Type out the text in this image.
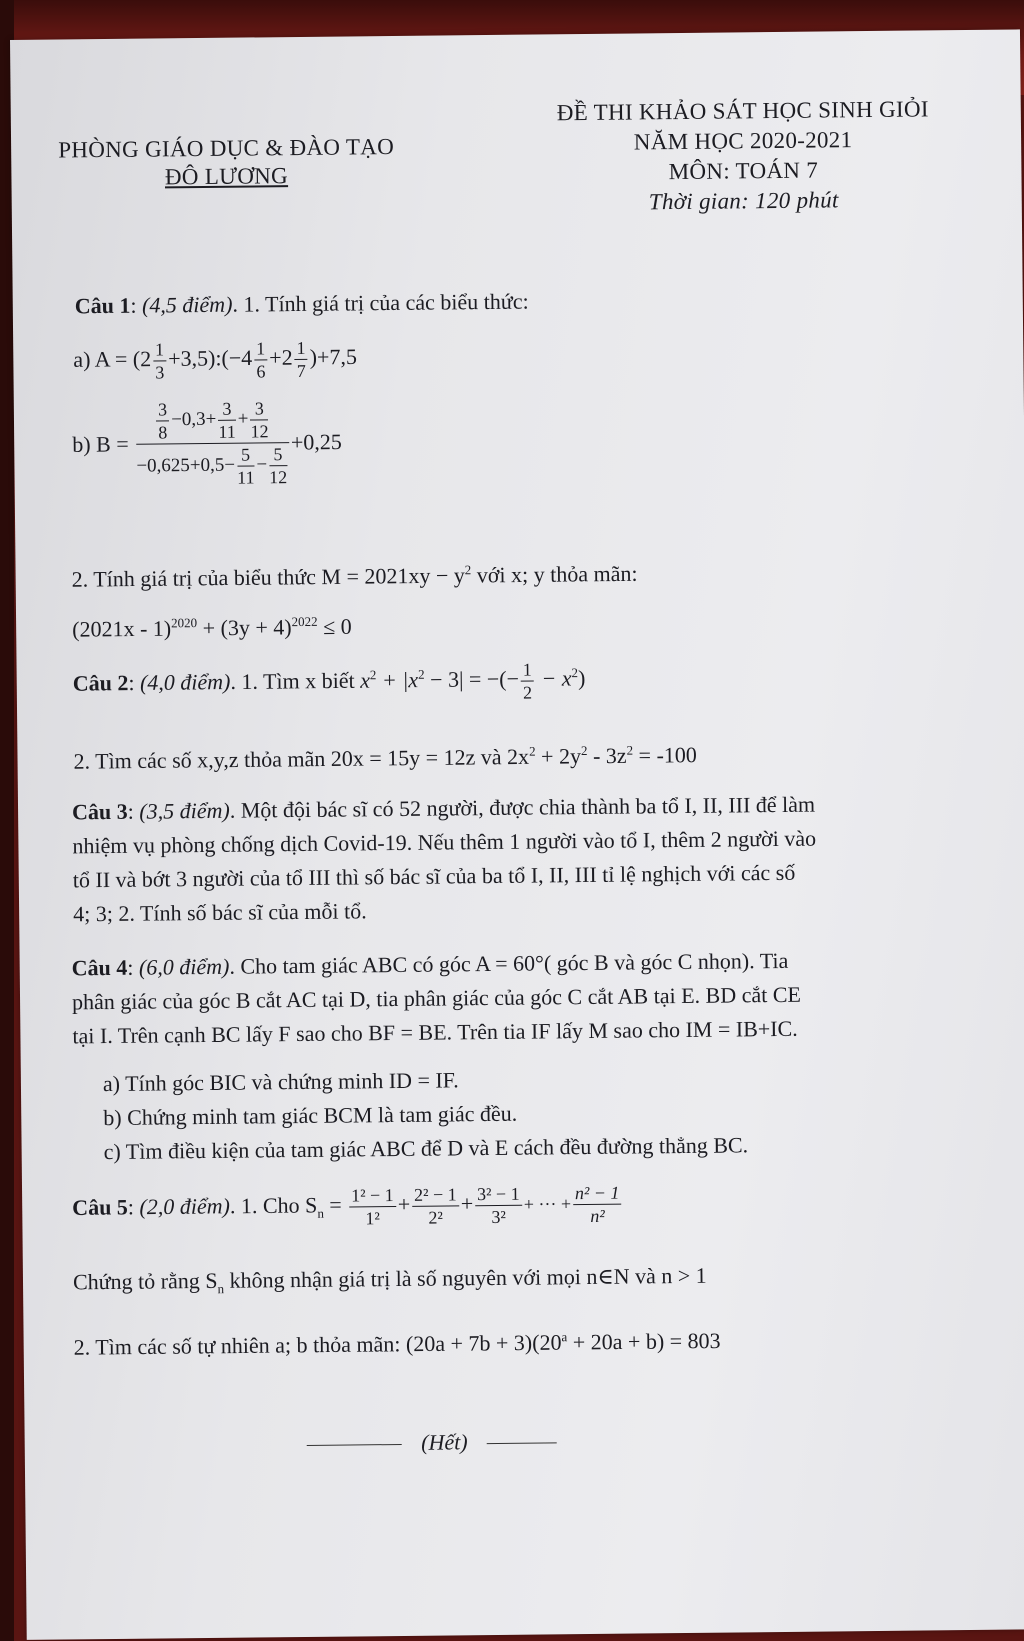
PHÒNG GIÁO DỤC & ĐÀO TẠO
ĐÔ LƯƠNG
ĐỀ THI KHẢO SÁT HỌC SINH GIỎI
NĂM HỌC 2020-2021
MÔN: TOÁN 7
Thời gian: 120 phút
Câu 1: (4,5 điểm). 1. Tính giá trị của các biểu thức:
a) $A = (2 \frac{1}{3}$ +3,5):(−4 $\frac{1}{6} +2 \frac{1}{7} )+7,5$
b) $B = \frac{\frac{3}{8} -0,3+ \frac{3}{11} + \frac{3}{12}}{-0,625+0,5- \frac{5}{11} - \frac{5}{12}} +0,25$
2. Tính giá trị của biểu thức $M = 2021xy - y^2$ với x; y thỏa mãn:
$(2021x - 1)^{2020} + (3y + 4)^{2022} \le 0$
Câu 2: (4,0 điểm). 1. Tìm x biết $x^2 + |x^2 - 3|$ = −(− $\frac{1}{2} - x^2$)
2. Tìm các số x,y,z thỏa mãn 20x = 15y = 12z và $2x^2 + 2y^2 - 3z^2 = -100$
Câu 3: (3,5 điểm). Một đội bác sĩ có 52 người, được chia thành ba tổ I, II, III để làm
nhiệm vụ phòng chống dịch Covid-19. Nếu thêm 1 người vào tổ I, thêm 2 người vào
tổ II và bớt 3 người của tổ III thì số bác sĩ của ba tổ I, II, III tỉ lệ nghịch với các số
4; 3; 2. Tính số bác sĩ của mỗi tổ.
Câu 4: (6,0 điểm). Cho tam giác ABC có góc A = 60°( góc B và góc C nhọn). Tia
phân giác của góc B cắt AC tại D, tia phân giác của góc C cắt AB tại E. BD cắt CE
tại I. Trên cạnh BC lấy F sao cho BF = BE. Trên tia IF lấy M sao cho IM = IB+IC.
a) Tính góc BIC và chứng minh ID = IF.
b) Chứng minh tam giác BCM là tam giác đều.
c) Tìm điều kiện của tam giác ABC để D và E cách đều đường thẳng BC.
Câu 5: (2,0 điểm). 1. Cho $S_n = \frac{\text{1² − 1}}{\text{1²}} + \frac{\text{2² − 1}}{\text{2²}} + \frac{\text{3² − 1}}{\text{3²}}$ + ··· + $\frac{\text{n² − 1}}{\text{n²}}$
Chứng tỏ rằng $S_n$ không nhận giá trị là số nguyên với mọi n∈N và n > 1
2. Tìm các số tự nhiên a; b thỏa mãn: $(20a + 7b + 3)(20^a + 20a + b) = 803$
(Hết)
